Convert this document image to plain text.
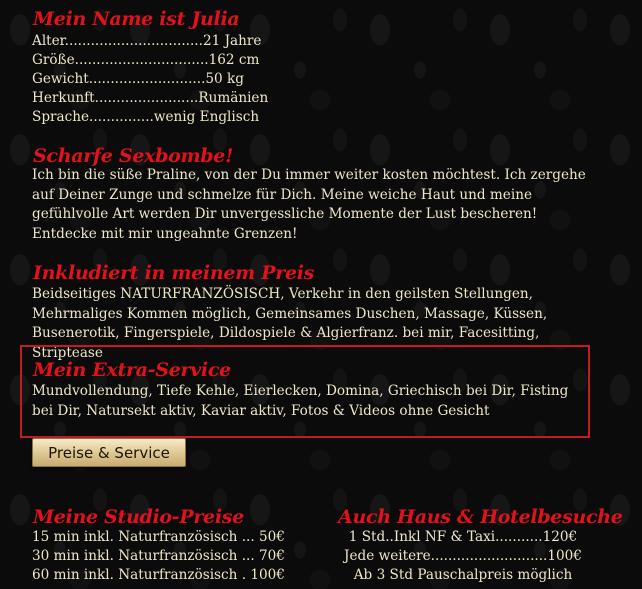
Mein Name ist Julia
Alter................................21 Jahre
Größe...............................162 cm
Gewicht...........................50 kg
Herkunft........................Rumänien
Sprache...............wenig Englisch
Scharfe Sexbombe!
Ich bin die süße Praline, von der Du immer weiter kosten möchtest. Ich zergehe auf Deiner Zunge und schmelze für Dich. Meine weiche Haut und meine gefühlvolle Art werden Dir unvergessliche Momente der Lust bescheren! Entdecke mit mir ungeahnte Grenzen!
Inkludiert in meinem Preis
Beidseitiges NATURFRANZÖSISCH, Verkehr in den geilsten Stellungen, Mehrmaliges Kommen möglich, Gemeinsames Duschen, Massage, Küssen, Busenerotik, Fingerspiele, Dildospiele & Algierfranz. bei mir, Facesitting, Striptease
Mein Extra-Service
Mundvollendung, Tiefe Kehle, Eierlecken, Domina, Griechisch bei Dir, Fisting bei Dir, Natursekt aktiv, Kaviar aktiv, Fotos & Videos ohne Gesicht
Preise & Service
Meine Studio-Preise
15 min inkl. Naturfranzösisch ... 50€
30 min inkl. Naturfranzösisch ... 70€
60 min inkl. Naturfranzösisch . 100€
Auch Haus & Hotelbesuche
1 Std..Inkl NF & Taxi...........120€
Jede weitere...........................100€
Ab 3 Std Pauschalpreis möglich
